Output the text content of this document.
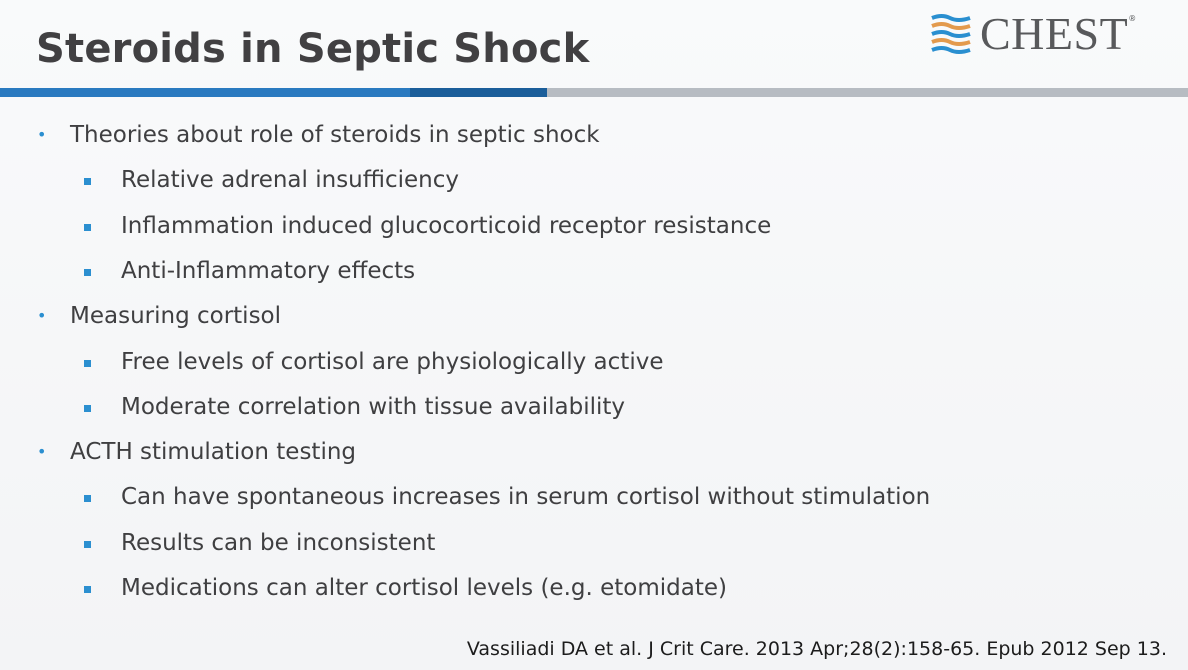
Steroids in Septic Shock	CHEST ®
• Theories about role of steroids in septic shock
Relative adrenal insufficiency
Inflammation induced glucocorticoid receptor resistance
Anti-Inflammatory effects
• Measuring cortisol
Free levels of cortisol are physiologically active
Moderate correlation with tissue availability
• ACTH stimulation testing
Can have spontaneous increases in serum cortisol without stimulation
Results can be inconsistent
Medications can alter cortisol levels (e.g. etomidate)
Vassiliadi DA et al. J Crit Care. 2013 Apr;28(2):158-65. Epub 2012 Sep 13.
